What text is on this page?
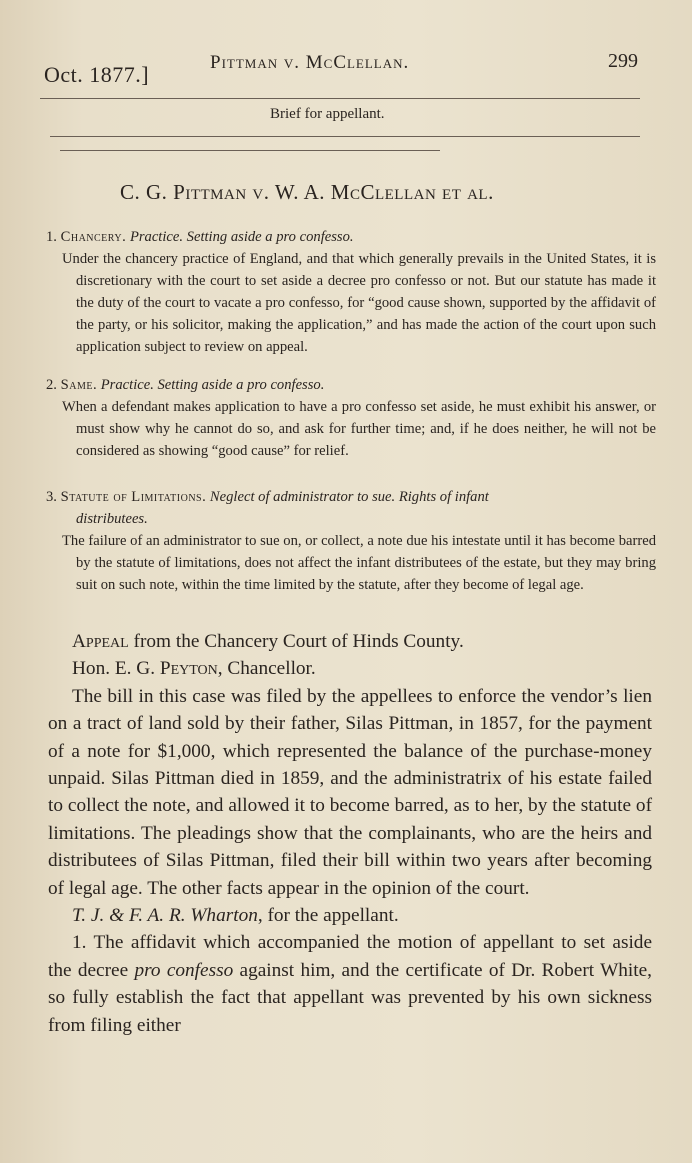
Oct. 1877.]	Pittman v. McClellan.	299
Brief for appellant.
C. G. Pittman v. W. A. McClellan et al.
1. Chancery. Practice. Setting aside a pro confesso.
Under the chancery practice of England, and that which generally prevails in the United States, it is discretionary with the court to set aside a decree pro confesso or not. But our statute has made it the duty of the court to vacate a pro confesso, for “good cause shown, supported by the affidavit of the party, or his solicitor, making the application,” and has made the action of the court upon such application subject to review on appeal.
2. Same. Practice. Setting aside a pro confesso.
When a defendant makes application to have a pro confesso set aside, he must exhibit his answer, or must show why he cannot do so, and ask for further time; and, if he does neither, he will not be considered as showing “good cause” for relief.
3. Statute of Limitations. Neglect of administrator to sue. Rights of infant
distributees.
The failure of an administrator to sue on, or collect, a note due his intestate until it has become barred by the statute of limitations, does not affect the infant distributees of the estate, but they may bring suit on such note, within the time limited by the statute, after they become of legal age.

Appeal from the Chancery Court of Hinds County.

Hon. E. G. Peyton, Chancellor.

The bill in this case was filed by the appellees to enforce the vendor’s lien on a tract of land sold by their father, Silas Pittman, in 1857, for the payment of a note for $1,000, which represented the balance of the purchase-money unpaid. Silas Pittman died in 1859, and the administratrix of his estate failed to collect the note, and allowed it to become barred, as to her, by the statute of limitations. The pleadings show that the complainants, who are the heirs and distributees of Silas Pittman, filed their bill within two years after becoming of legal age. The other facts appear in the opinion of the court.

T. J. & F. A. R. Wharton, for the appellant.

1. The affidavit which accompanied the motion of appellant to set aside the decree pro confesso against him, and the certificate of Dr. Robert White, so fully establish the fact that appellant was prevented by his own sickness from filing either
